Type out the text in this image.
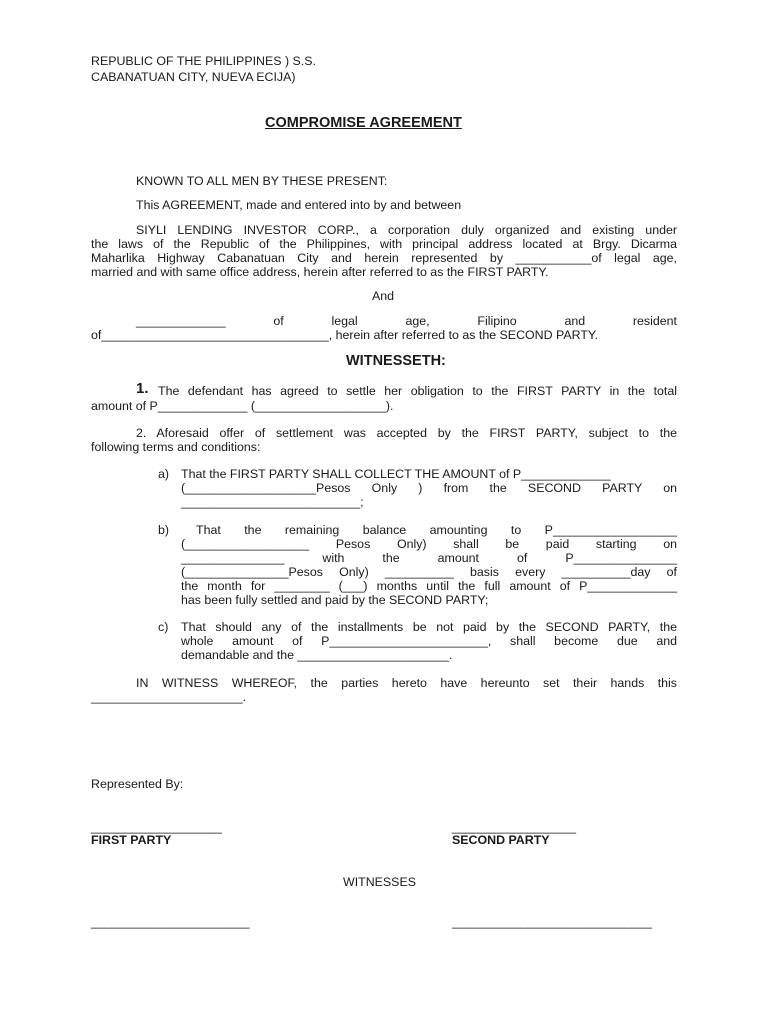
REPUBLIC OF THE PHILIPPINES ) S.S.
CABANATUAN CITY, NUEVA ECIJA)
COMPROMISE AGREEMENT
KNOWN TO ALL MEN BY THESE PRESENT:
This AGREEMENT, made and entered into by and between
SIYLI LENDING INVESTOR CORP., a corporation duly organized and existing under
the laws of the Republic of the Philippines, with principal address located at Brgy. Dicarma
Maharlika Highway Cabanatuan City and herein represented by ___________of legal age,
married and with same office address, herein after referred to as the FIRST PARTY.
And
_____________ of legal age, Filipino and resident
of_________________________________, herein after referred to as the SECOND PARTY.
WITNESSETH:
1. The defendant has agreed to settle her obligation to the FIRST PARTY in the total
amount of P_____________ (___________________).
2. Aforesaid offer of settlement was accepted by the FIRST PARTY, subject to the
following terms and conditions:
a) That the FIRST PARTY SHALL COLLECT THE AMOUNT of P_____________
(___________________Pesos Only ) from the SECOND PARTY on
__________________________;
b) That the remaining balance amounting to P__________________
(__________________ Pesos Only) shall be paid starting on
_______________ with the amount of P_______________
(_______________Pesos Only) __________ basis every __________day of
the month for ________ (___) months until the full amount of P_____________
has been fully settled and paid by the SECOND PARTY;
c) That should any of the installments be not paid by the SECOND PARTY, the
whole amount of P_______________________, shall become due and
demandable and the ______________________.
IN WITNESS WHEREOF, the parties hereto have hereunto set their hands this
______________________.
Represented By:
___________________
FIRST PARTY
__________________
SECOND PARTY
WITNESSES
_______________________	_____________________________
